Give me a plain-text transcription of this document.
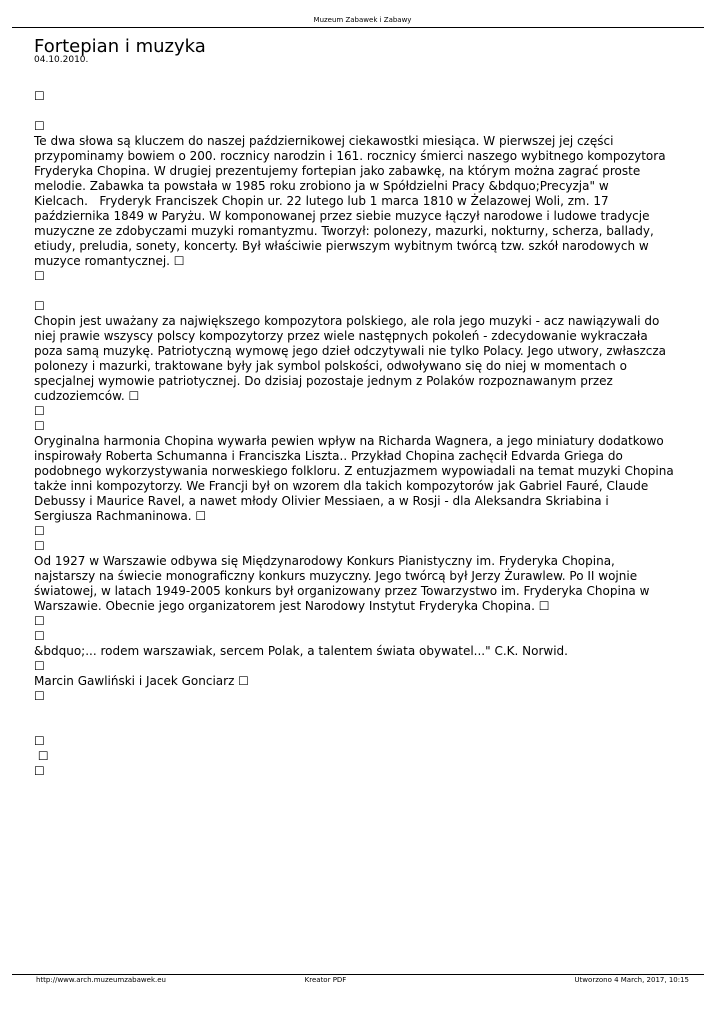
Muzeum Zabawek i Zabawy
Fortepian i muzyka
04.10.2010.
☐
☐
Te dwa słowa są kluczem do naszej październikowej ciekawostki miesiąca. W pierwszej jej części
przypominamy bowiem o 200. rocznicy narodzin i 161. rocznicy śmierci naszego wybitnego kompozytora
Fryderyka Chopina. W drugiej prezentujemy fortepian jako zabawkę, na którym można zagrać proste
melodie. Zabawka ta powstała w 1985 roku zrobiono ja w Spółdzielni Pracy &bdquo;Precyzja" w
Kielcach.   Fryderyk Franciszek Chopin ur. 22 lutego lub 1 marca 1810 w Żelazowej Woli, zm. 17
października 1849 w Paryżu. W komponowanej przez siebie muzyce łączył narodowe i ludowe tradycje
muzyczne ze zdobyczami muzyki romantyzmu. Tworzył: polonezy, mazurki, nokturny, scherza, ballady,
etiudy, preludia, sonety, koncerty. Był właściwie pierwszym wybitnym twórcą tzw. szkół narodowych w
muzyce romantycznej. ☐
☐
☐
Chopin jest uważany za największego kompozytora polskiego, ale rola jego muzyki - acz nawiązywali do
niej prawie wszyscy polscy kompozytorzy przez wiele następnych pokoleń - zdecydowanie wykraczała
poza samą muzykę. Patriotyczną wymowę jego dzieł odczytywali nie tylko Polacy. Jego utwory, zwłaszcza
polonezy i mazurki, traktowane były jak symbol polskości, odwoływano się do niej w momentach o
specjalnej wymowie patriotycznej. Do dzisiaj pozostaje jednym z Polaków rozpoznawanym przez
cudzoziemców. ☐
☐
☐
Oryginalna harmonia Chopina wywarła pewien wpływ na Richarda Wagnera, a jego miniatury dodatkowo
inspirowały Roberta Schumanna i Franciszka Liszta.. Przykład Chopina zachęcił Edvarda Griega do
podobnego wykorzystywania norweskiego folkloru. Z entuzjazmem wypowiadali na temat muzyki Chopina
także inni kompozytorzy. We Francji był on wzorem dla takich kompozytorów jak Gabriel Fauré, Claude
Debussy i Maurice Ravel, a nawet młody Olivier Messiaen, a w Rosji - dla Aleksandra Skriabina i
Sergiusza Rachmaninowa. ☐
☐
☐
Od 1927 w Warszawie odbywa się Międzynarodowy Konkurs Pianistyczny im. Fryderyka Chopina,
najstarszy na świecie monograficzny konkurs muzyczny. Jego twórcą był Jerzy Żurawlew. Po II wojnie
światowej, w latach 1949-2005 konkurs był organizowany przez Towarzystwo im. Fryderyka Chopina w
Warszawie. Obecnie jego organizatorem jest Narodowy Instytut Fryderyka Chopina. ☐
☐
☐
&bdquo;... rodem warszawiak, sercem Polak, a talentem świata obywatel..." C.K. Norwid.
☐
Marcin Gawliński i Jacek Gonciarz ☐
☐
☐
☐
☐
http://www.arch.muzeumzabawek.eu	Kreator PDF	Utworzono 4 March, 2017, 10:15
